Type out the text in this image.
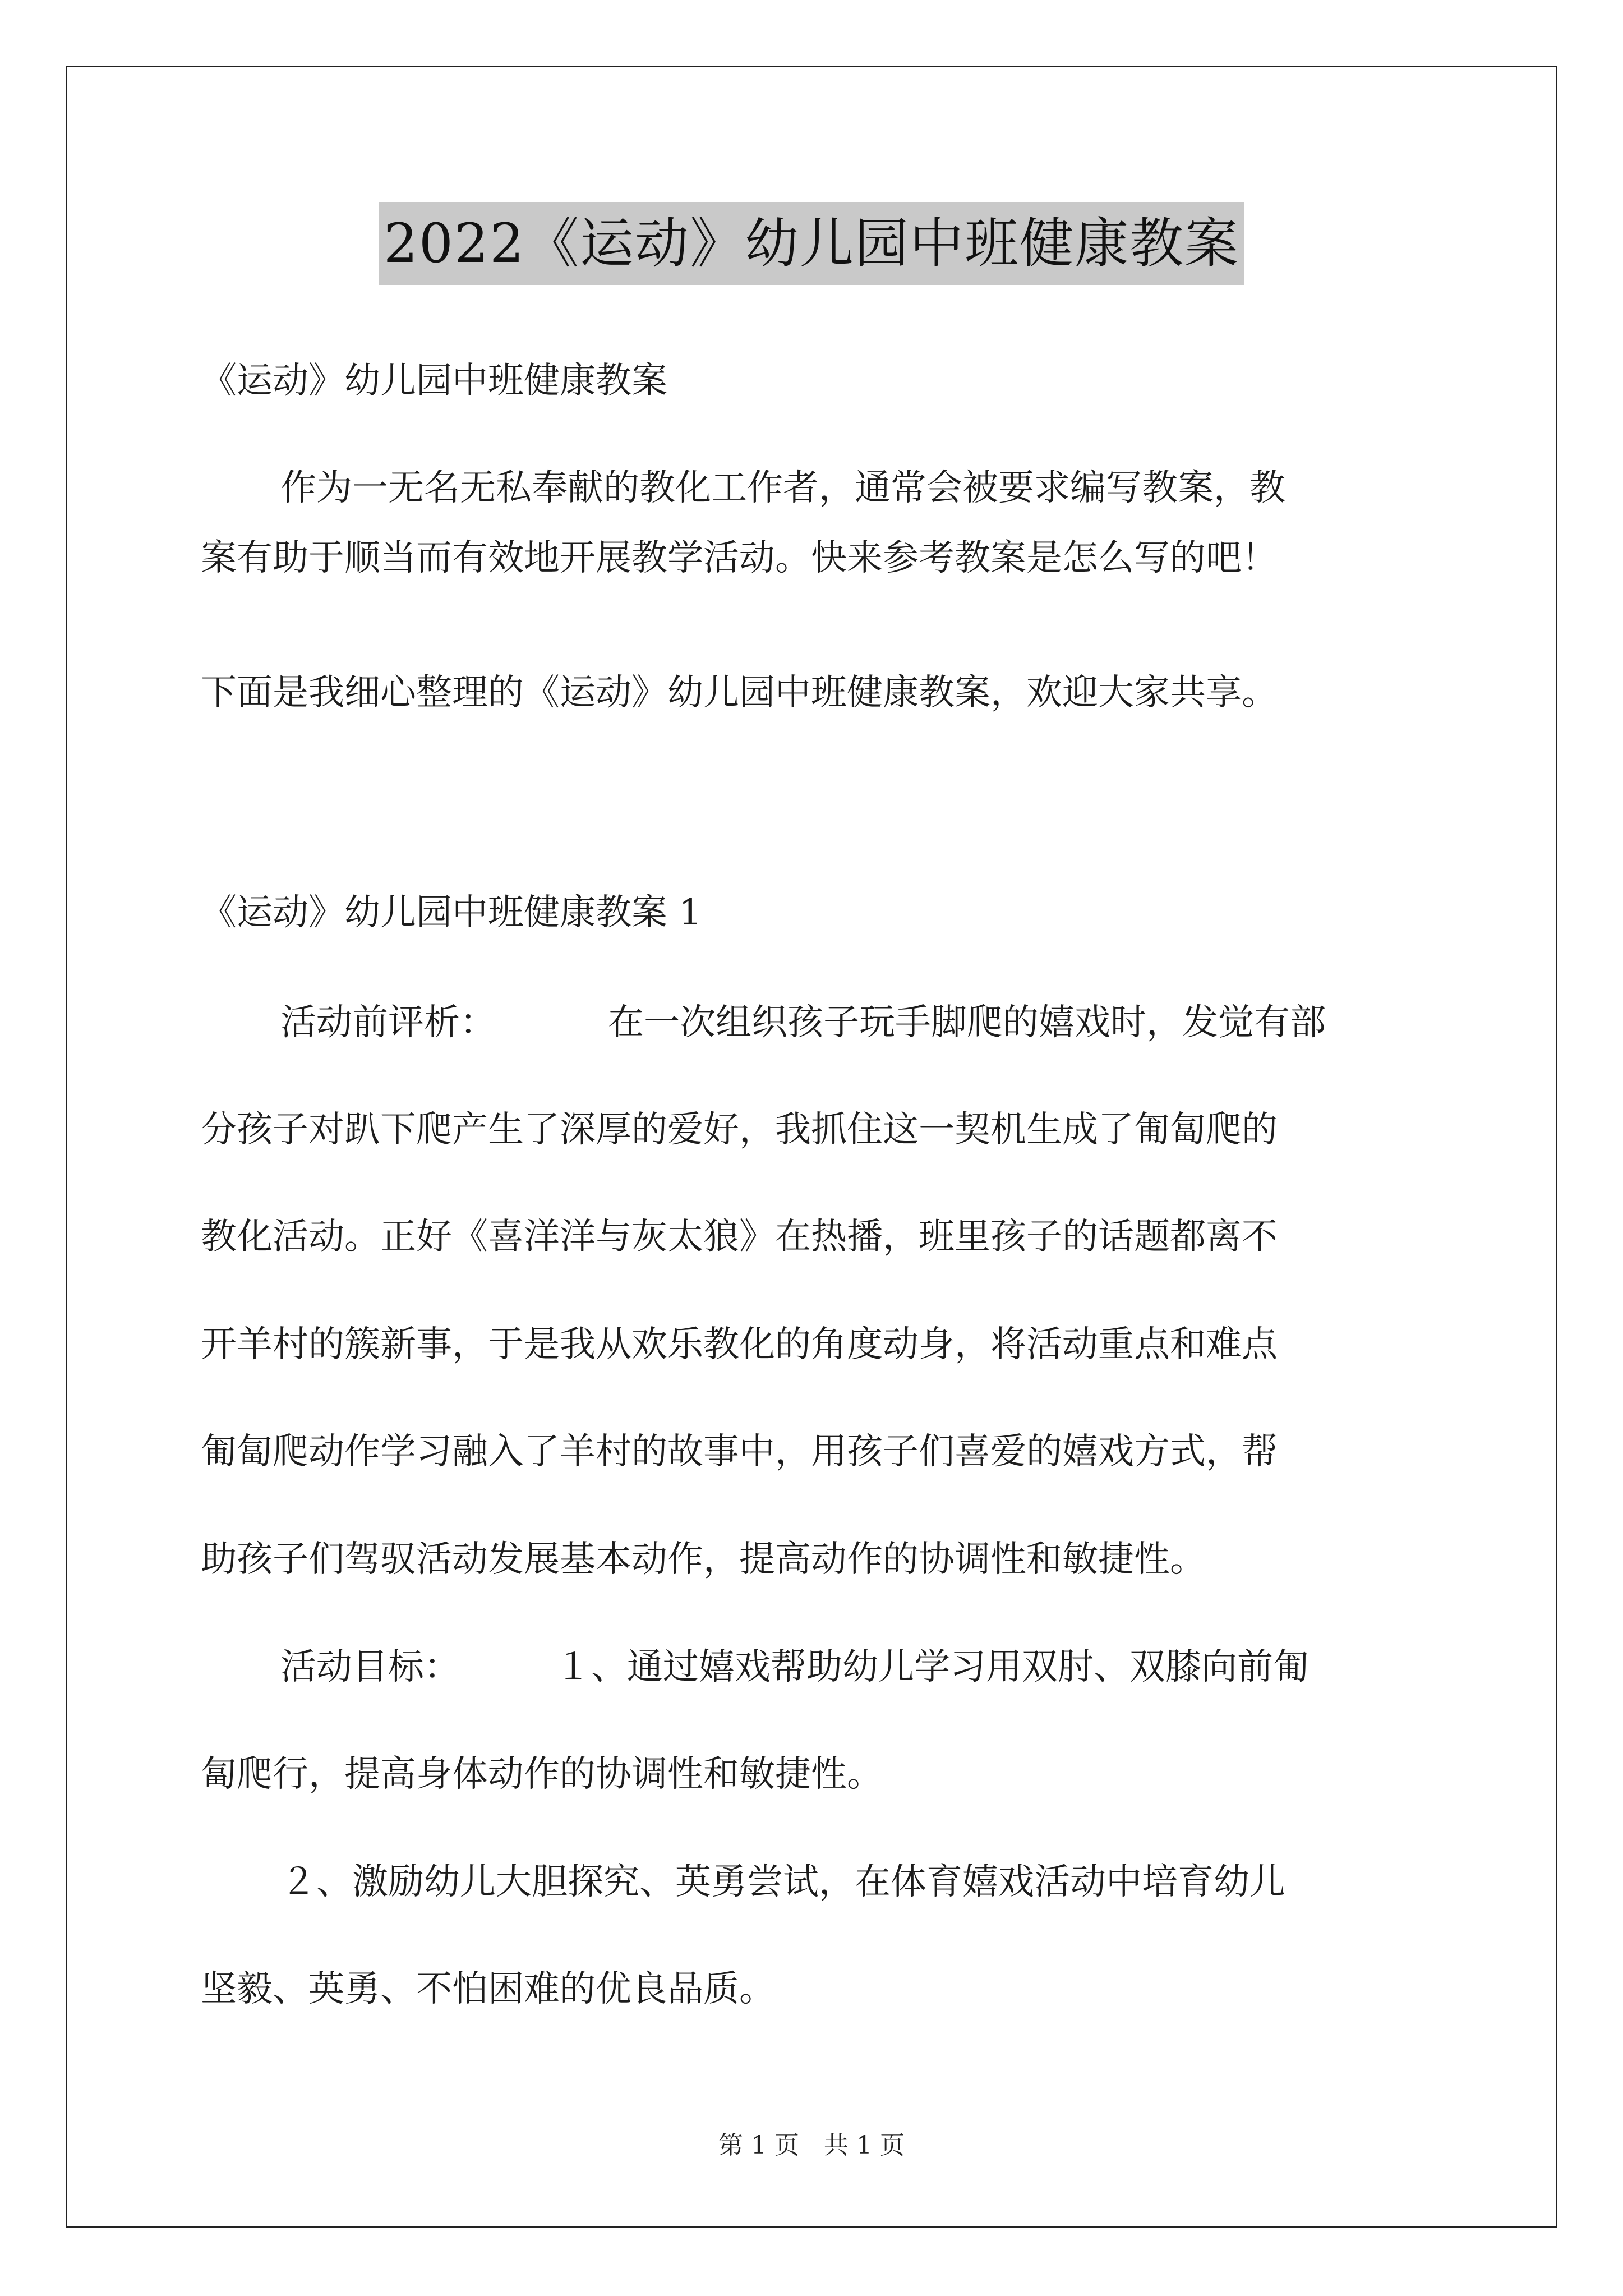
2022《运动》幼儿园中班健康教案
《运动》幼儿园中班健康教案
作为一无名无私奉献的教化工作者，通常会被要求编写教案，教
案有助于顺当而有效地开展教学活动。快来参考教案是怎么写的吧！
下面是我细心整理的《运动》幼儿园中班健康教案，欢迎大家共享。
《运动》幼儿园中班健康教案 1
活动前评析：	在一次组织孩子玩手脚爬的嬉戏时，发觉有部
分孩子对趴下爬产生了深厚的爱好，我抓住这一契机生成了匍匐爬的
教化活动。正好《喜洋洋与灰太狼》在热播，班里孩子的话题都离不
开羊村的簇新事，于是我从欢乐教化的角度动身，将活动重点和难点
匍匐爬动作学习融入了羊村的故事中，用孩子们喜爱的嬉戏方式，帮
助孩子们驾驭活动发展基本动作，提高动作的协调性和敏捷性。
活动目标：	１、通过嬉戏帮助幼儿学习用双肘、双膝向前匍
匐爬行，提高身体动作的协调性和敏捷性。
２、激励幼儿大胆探究、英勇尝试，在体育嬉戏活动中培育幼儿
坚毅、英勇、不怕困难的优良品质。
第 1 页　共 1 页
